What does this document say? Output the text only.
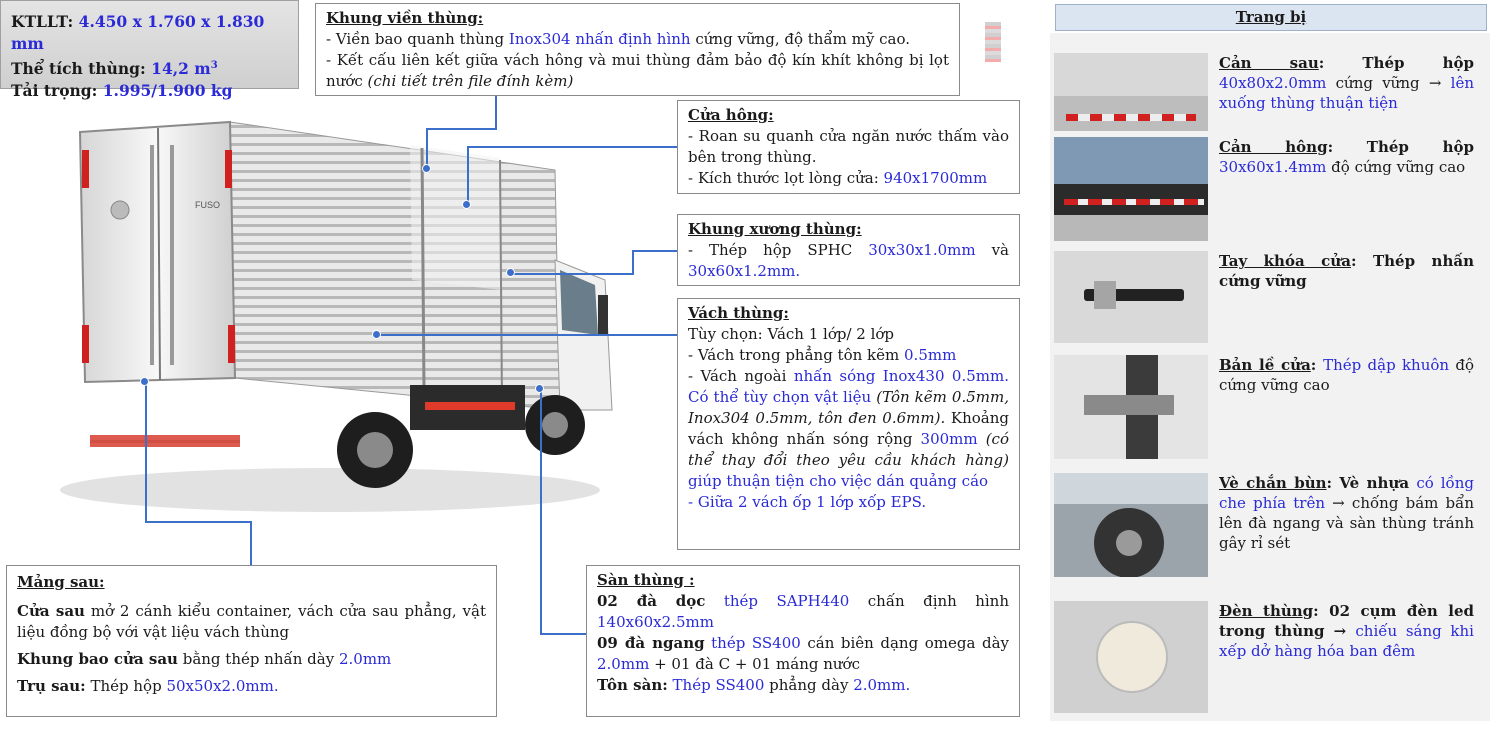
KTLLT: 4.450 x 1.760 x 1.830 mm
Thể tích thùng: 14,2 $m^3$
Tải trọng: 1.995/1.900 kg
Khung viền thùng:
- Viền bao quanh thùng Inox304 nhấn định hình cứng vững, độ thẩm mỹ cao.
- Kết cấu liên kết giữa vách hông và mui thùng đảm bảo độ kín khít không bị lọt nước (chi tiết trên file đính kèm)
Cửa hông:
- Roan su quanh cửa ngăn nước thấm vào bên trong thùng.
- Kích thước lọt lòng cửa: 940x1700mm
Khung xương thùng:
- Thép hộp SPHC 30x30x1.0mm và 30x60x1.2mm.
Vách thùng:
Tùy chọn: Vách 1 lớp/ 2 lớp
- Vách trong phẳng tôn kẽm 0.5mm
- Vách ngoài nhấn sóng Inox430 0.5mm. Có thể tùy chọn vật liệu (Tôn kẽm 0.5mm, Inox304 0.5mm, tôn đen 0.6mm). Khoảng vách không nhấn sóng rộng 300mm (có thể thay đổi theo yêu cầu khách hàng) giúp thuận tiện cho việc dán quảng cáo
- Giữa 2 vách ốp 1 lớp xốp EPS.
Mảng sau:
Cửa sau mở 2 cánh kiểu container, vách cửa sau phẳng, vật liệu đồng bộ với vật liệu vách thùng
Khung bao cửa sau bằng thép nhấn dày 2.0mm
Trụ sau: Thép hộp 50x50x2.0mm.
Sàn thùng :
02 đà dọc thép SAPH440 chấn định hình 140x60x2.5mm
09 đà ngang thép SS400 cán biên dạng omega dày 2.0mm + 01 đà C + 01 máng nước
Tôn sàn: Thép SS400 phẳng dày 2.0mm.
FUSO
Trang bị
Cản sau: Thép hộp 40x80x2.0mm cứng vững → lên xuống thùng thuận tiện
Cản hông: Thép hộp 30x60x1.4mm độ cứng vững cao
Tay khóa cửa: Thép nhấn cứng vững
Bản lề cửa: Thép dập khuôn độ cứng vững cao
Vè chắn bùn: Vè nhựa có lồng che phía trên → chống bám bẩn lên đà ngang và sàn thùng tránh gây rỉ sét
Đèn thùng: 02 cụm đèn led trong thùng → chiếu sáng khi xếp dở hàng hóa ban đêm
